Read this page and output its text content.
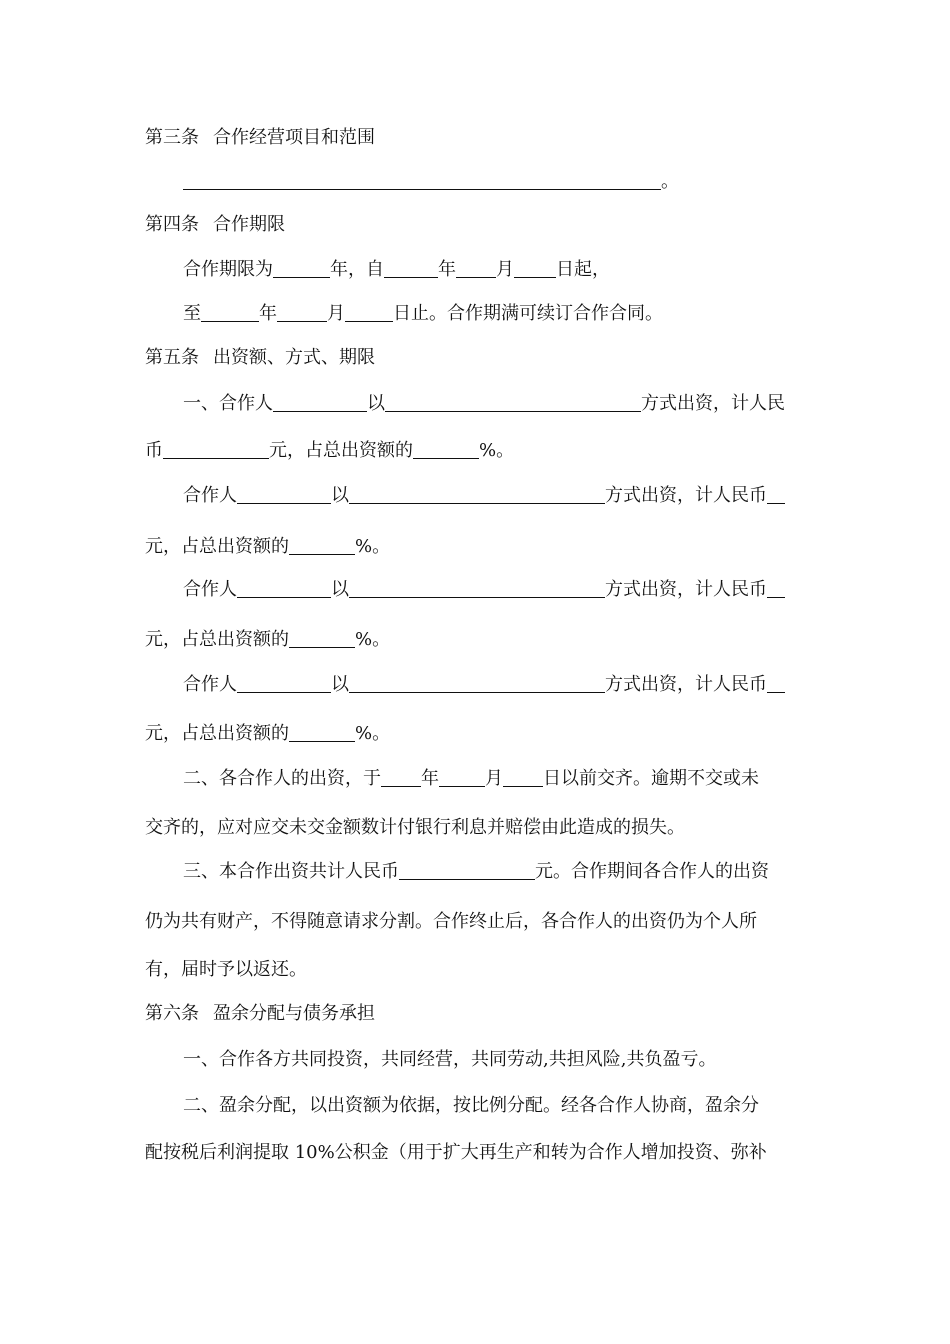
第三条 合作经营项目和范围
。
第四条 合作期限
合作期限为	年，自	年 月 日起，
至	年	月	日止。合作期满可续订合作合同。
第五条 出资额、方式、期限
一、合作人	以	方式出资，计人民
币	元，占总出资额的	%。
合作人	以	方式出资，计人民币
元，占总出资额的	%。
合作人	以	方式出资，计人民币
元，占总出资额的	%。
合作人	以	方式出资，计人民币
元，占总出资额的	%。
二、各合作人的出资，于 年	月 日以前交齐。逾期不交或未
交齐的，应对应交未交金额数计付银行利息并赔偿由此造成的损失。
三、本合作出资共计人民币	元。合作期间各合作人的出资
仍为共有财产，不得随意请求分割。合作终止后，各合作人的出资仍为个人所
有，届时予以返还。
第六条 盈余分配与债务承担
一、合作各方共同投资，共同经营，共同劳动,共担风险,共负盈亏。
二、盈余分配，以出资额为依据，按比例分配。经各合作人协商，盈余分
配按税后利润提取 10%公积金（用于扩大再生产和转为合作人增加投资、弥补
